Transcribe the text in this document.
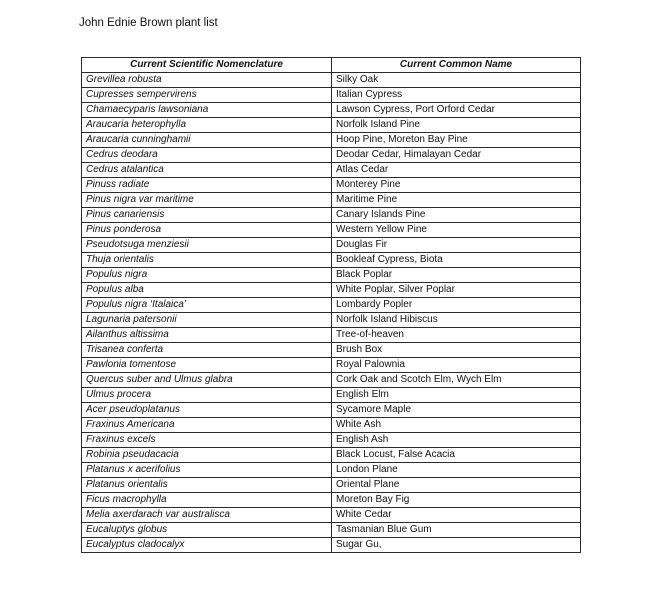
John Ednie Brown plant list
Current Scientific Nomenclature	Current Common Name
Grevillea robusta	Silky Oak
Cupresses sempervirens	Italian Cypress
Chamaecyparis lawsoniana	Lawson Cypress, Port Orford Cedar
Araucaria heterophylla	Norfolk Island Pine
Araucaria cunninghamii	Hoop Pine, Moreton Bay Pine
Cedrus deodara	Deodar Cedar, Himalayan Cedar
Cedrus atalantica	Atlas Cedar
Pinuss radiate	Monterey Pine
Pinus nigra var maritime	Maritime Pine
Pinus canariensis	Canary Islands Pine
Pinus ponderosa	Western Yellow Pine
Pseudotsuga menziesii	Douglas Fir
Thuja orientalis	Bookleaf Cypress, Biota
Populus nigra	Black Poplar
Populus alba	White Poplar, Silver Poplar
Populus nigra ‘Italaica’	Lombardy Popler
Lagunaria patersonii	Norfolk Island Hibiscus
Ailanthus altissima	Tree-of-heaven
Trisanea conferta	Brush Box
Pawlonia tomentose	Royal Palownia
Quercus suber and Ulmus glabra	Cork Oak and Scotch Elm, Wych Elm
Ulmus procera	English Elm
Acer pseudoplatanus	Sycamore Maple
Fraxinus Americana	White Ash
Fraxinus excels	English Ash
Robinia pseudacacia	Black Locust, False Acacia
Platanus x acerifolius	London Plane
Platanus orientalis	Oriental Plane
Ficus macrophylla	Moreton Bay Fig
Melia axerdarach var australisca	White Cedar
Eucaluptys globus	Tasmanian Blue Gum
Eucalyptus cladocalyx	Sugar Gu,
